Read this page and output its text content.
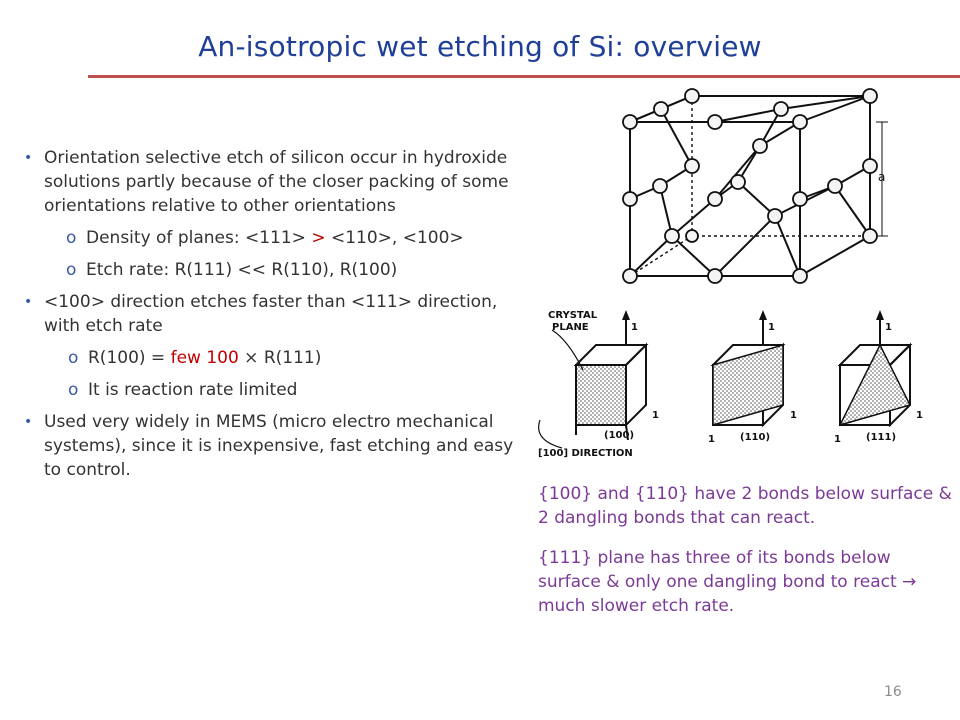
An-isotropic wet etching of Si: overview
• Orientation selective etch of silicon occur in hydroxide solutions partly because of the closer packing of some orientations relative to other orientations
o Density of planes: <111> > <110>, <100>
o Etch rate: R(111) << R(110), R(100)
• <100> direction etches faster than <111> direction, with etch rate
o R(100) = few 100 × R(111)
o It is reaction rate limited
• Used very widely in MEMS (micro electro mechanical systems), since it is inexpensive, fast etching and easy to control.
a
CRYSTAL
PLANE
[100] DIRECTION
(100)	(110)	(111)
1
1
1
1
1
1
1
1
{100} and {110} have 2 bonds below surface & 2 dangling bonds that can react.
{111} plane has three of its bonds below surface & only one dangling bond to react → much slower etch rate.
16
